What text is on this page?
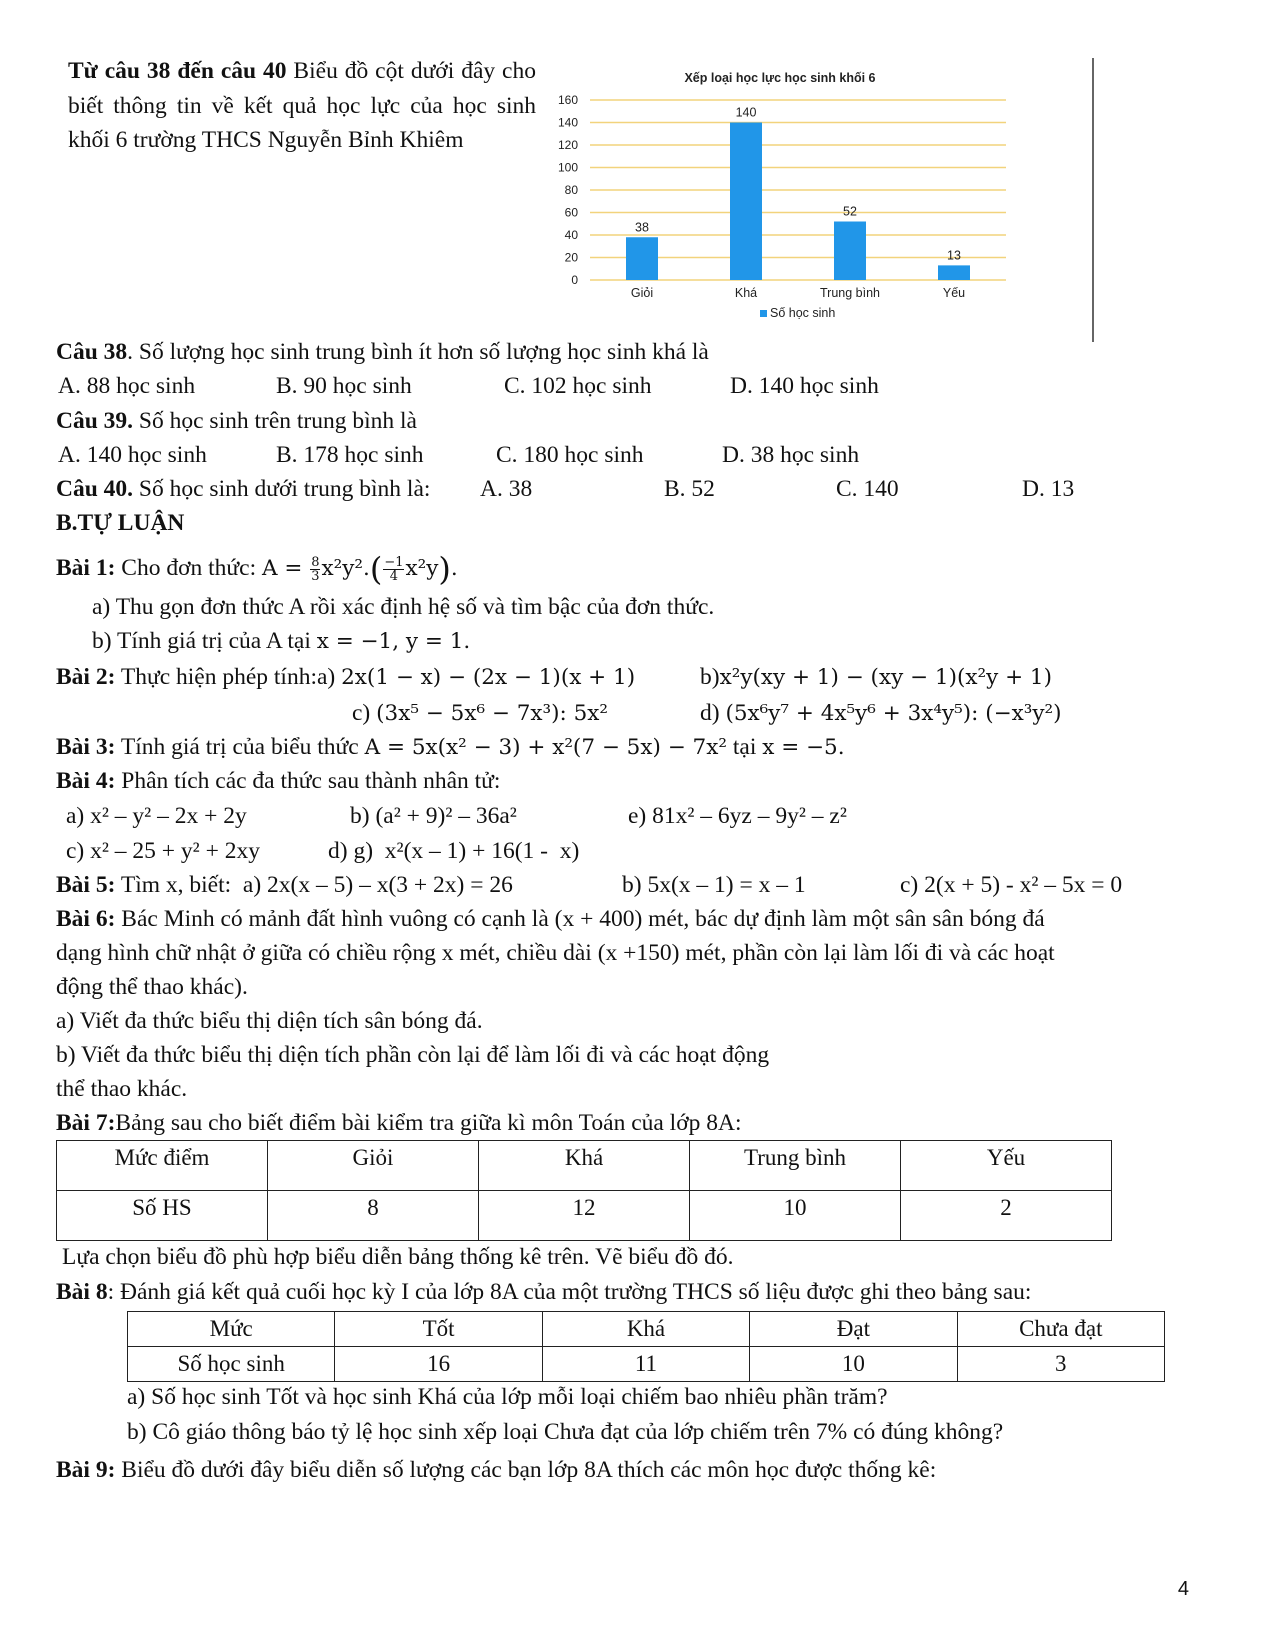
Từ câu 38 đến câu 40 Biểu đồ cột dưới đây cho biết thông tin về kết quả học lực của học sinh khối 6 trường THCS Nguyễn Bỉnh Khiêm
Xếp loại học lực học sinh khối 6
0
20
40
60
80
100
120
140
160
38
Giỏi
140
Khá
52
Trung bình
13
Yếu
Số học sinh
Câu 38. Số lượng học sinh trung bình ít hơn số lượng học sinh khá là
A. 88 học sinh	B. 90 học sinh	C. 102 học sinh	D. 140 học sinh
Câu 39. Số học sinh trên trung bình là
A. 140 học sinh	B. 178 học sinh	C. 180 học sinh	D. 38 học sinh
Câu 40. Số học sinh dưới trung bình là: A. 38	B. 52	C. 140	D. 13
B.TỰ LUẬN
Bài 1: Cho đơn thức: $A = \frac{8}{3} x^2y^2.( \frac{-1}{4} x^2y)$.
a) Thu gọn đơn thức A rồi xác định hệ số và tìm bậc của đơn thức.
b) Tính giá trị của A tại x = −1, y = 1.
Bài 2: Thực hiện phép tính:a) 2x(1 − x) − (2x − 1)(x + 1)	b)x²y(xy + 1) − (xy − 1)(x²y + 1)
c) (3x⁵ − 5x⁶ − 7x³): 5x²	d) (5x⁶y⁷ + 4x⁵y⁶ + 3x⁴y⁵): (−x³y²)
Bài 3: Tính giá trị của biểu thức A = 5x(x² − 3) + x²(7 − 5x) − 7x² tại x = −5.
Bài 4: Phân tích các đa thức sau thành nhân tử:
a) x² – y² – 2x + 2y	b) (a² + 9)² – 36a²	e) 81x² – 6yz – 9y² – z²
c) x² – 25 + y² + 2xy	d) g)  x²(x – 1) + 16(1 -  x)
Bài 5: Tìm x, biết:  a) 2x(x – 5) – x(3 + 2x) = 26	b) 5x(x – 1) = x – 1	c) 2(x + 5) - x² – 5x = 0
Bài 6: Bác Minh có mảnh đất hình vuông có cạnh là (x + 400) mét, bác dự định làm một sân sân bóng đá
dạng hình chữ nhật ở giữa có chiều rộng x mét, chiều dài (x +150) mét, phần còn lại làm lối đi và các hoạt
động thể thao khác).
a) Viết đa thức biểu thị diện tích sân bóng đá.
b) Viết đa thức biểu thị diện tích phần còn lại để làm lối đi và các hoạt động
thể thao khác.
Bài 7:Bảng sau cho biết điểm bài kiểm tra giữa kì môn Toán của lớp 8A:
Mức điểm	Giỏi	Khá	Trung bình	Yếu
Số HS	8	12	10	2
Lựa chọn biểu đồ phù hợp biểu diễn bảng thống kê trên. Vẽ biểu đồ đó.
Bài 8: Đánh giá kết quả cuối học kỳ I của lớp 8A của một trường THCS số liệu được ghi theo bảng sau:
Mức	Tốt	Khá	Đạt	Chưa đạt
Số học sinh	16	11	10	3
a) Số học sinh Tốt và học sinh Khá của lớp mỗi loại chiếm bao nhiêu phần trăm?
b) Cô giáo thông báo tỷ lệ học sinh xếp loại Chưa đạt của lớp chiếm trên 7% có đúng không?
Bài 9: Biểu đồ dưới đây biểu diễn số lượng các bạn lớp 8A thích các môn học được thống kê:
4
